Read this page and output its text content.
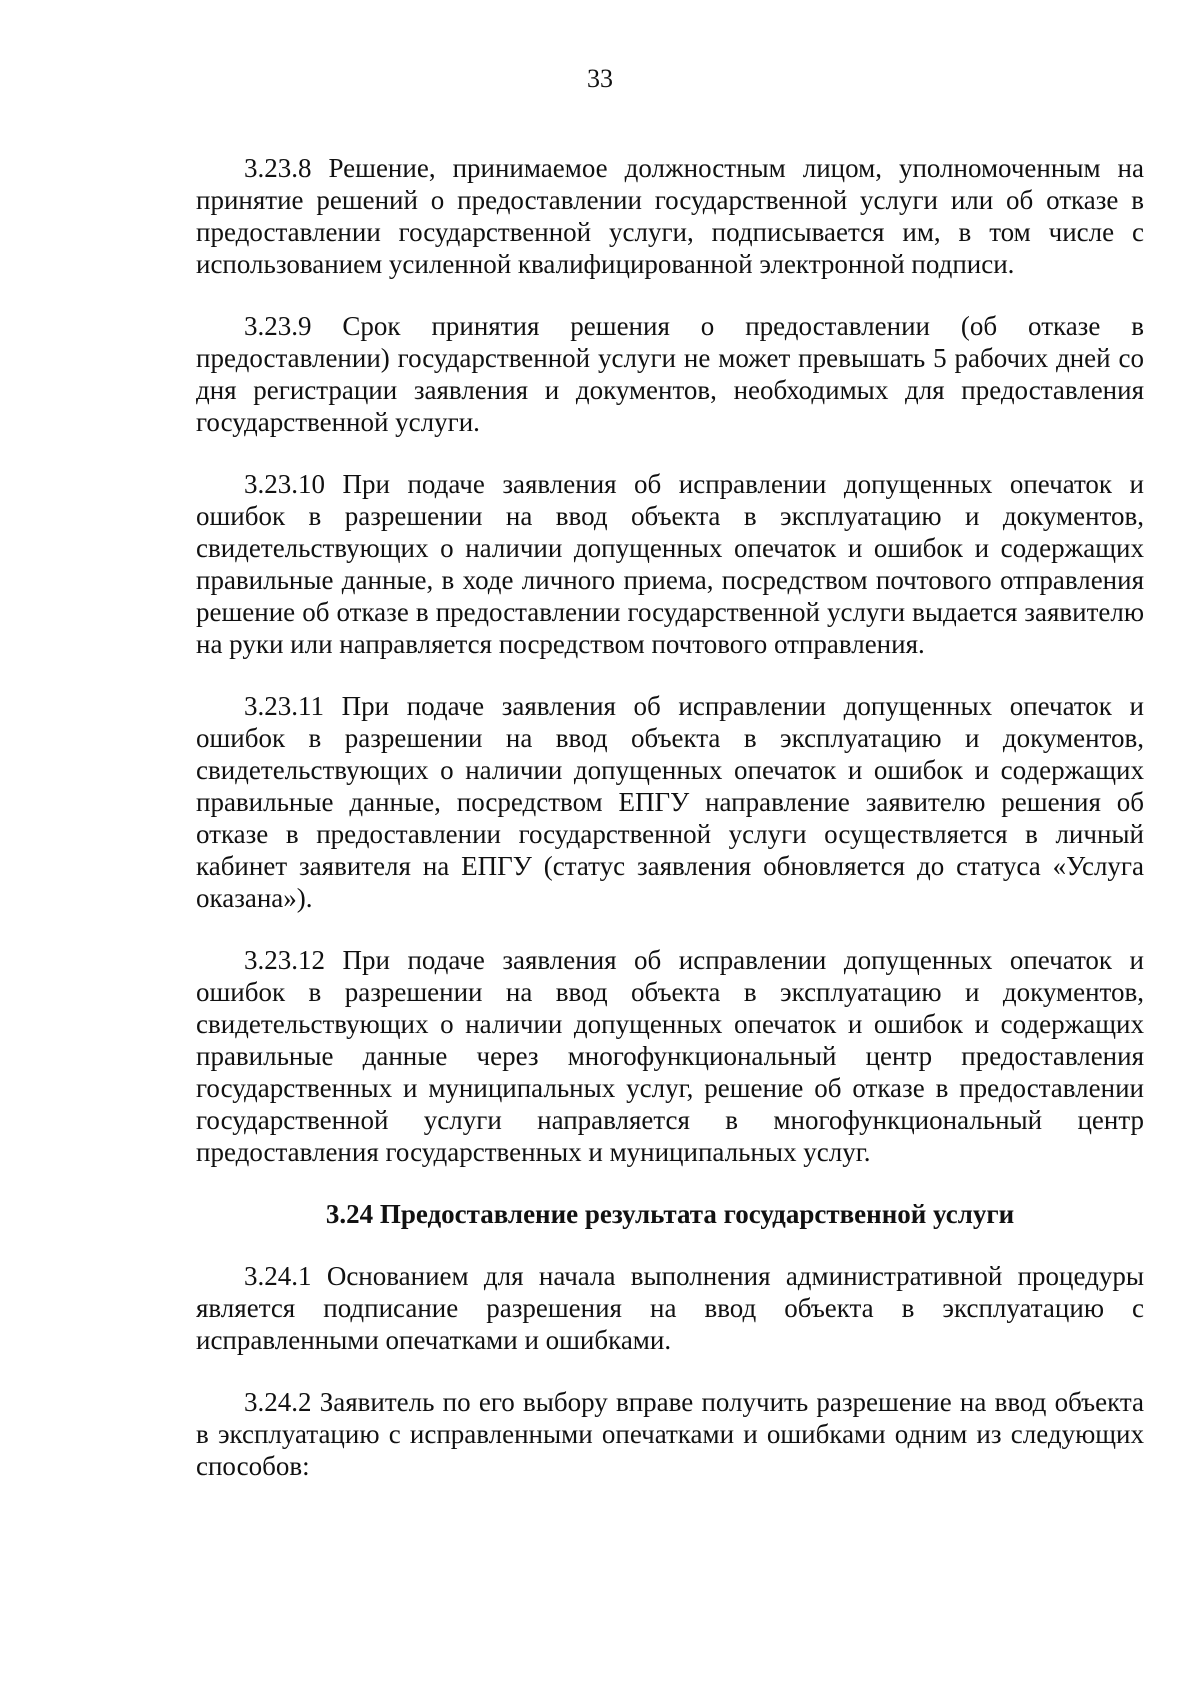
33

3.23.8 Решение, принимаемое должностным лицом, уполномоченным на принятие решений о предоставлении государственной услуги или об отказе в предоставлении государственной услуги, подписывается им, в том числе с использованием усиленной квалифицированной электронной подписи.

3.23.9 Срок принятия решения о предоставлении (об отказе в предоставлении) государственной услуги не может превышать 5 рабочих дней со дня регистрации заявления и документов, необходимых для предоставления государственной услуги.

3.23.10 При подаче заявления об исправлении допущенных опечаток и ошибок в разрешении на ввод объекта в эксплуатацию и документов, свидетельствующих о наличии допущенных опечаток и ошибок и содержащих правильные данные, в ходе личного приема, посредством почтового отправления решение об отказе в предоставлении государственной услуги выдается заявителю на руки или направляется посредством почтового отправления.

3.23.11 При подаче заявления об исправлении допущенных опечаток и ошибок в разрешении на ввод объекта в эксплуатацию и документов, свидетельствующих о наличии допущенных опечаток и ошибок и содержащих правильные данные, посредством ЕПГУ направление заявителю решения об отказе в предоставлении государственной услуги осуществляется в личный кабинет заявителя на ЕПГУ (статус заявления обновляется до статуса «Услуга оказана»).

3.23.12 При подаче заявления об исправлении допущенных опечаток и ошибок в разрешении на ввод объекта в эксплуатацию и документов, свидетельствующих о наличии допущенных опечаток и ошибок и содержащих правильные данные через многофункциональный центр предоставления государственных и муниципальных услуг, решение об отказе в предоставлении государственной услуги направляется в многофункциональный центр предоставления государственных и муниципальных услуг.

3.24 Предоставление результата государственной услуги

3.24.1 Основанием для начала выполнения административной процедуры является подписание разрешения на ввод объекта в эксплуатацию с исправленными опечатками и ошибками.

3.24.2 Заявитель по его выбору вправе получить разрешение на ввод объекта в эксплуатацию с исправленными опечатками и ошибками одним из следующих способов:
